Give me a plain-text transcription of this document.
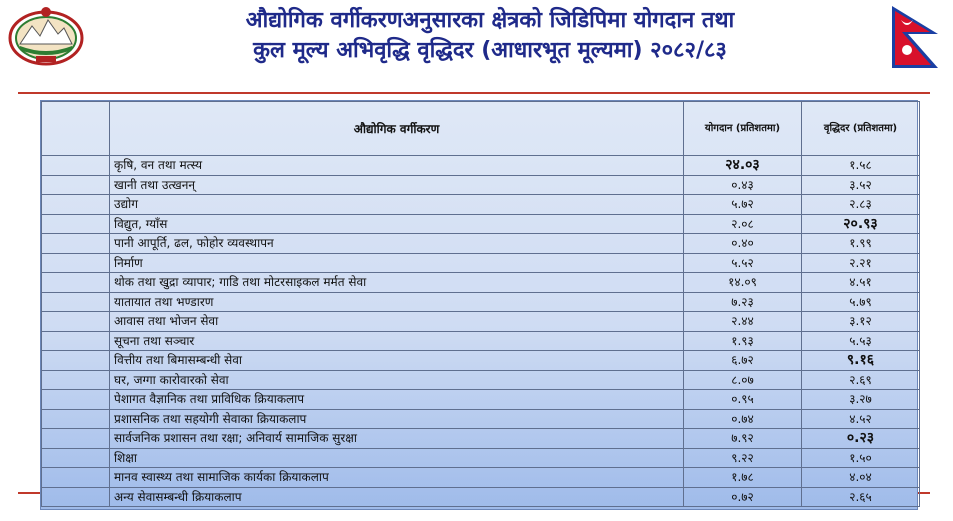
औद्योगिक वर्गीकरणअनुसारका क्षेत्रको जिडिपिमा योगदान तथा
कुल मूल्य अभिवृद्धि वृद्धिदर (आधारभूत मूल्यमा) २०८२/८३
	औद्योगिक वर्गीकरण	योगदान (प्रतिशतमा)	वृद्धिदर (प्रतिशतमा)
	कृषि, वन तथा मत्स्य	२४.०३	१.५८
	खानी तथा उत्खनन्	०.४३	३.५२
	उद्योग	५.७२	२.८३
	विद्युत, ग्याँस	२.०८	२०.९३
	पानी आपूर्ति, ढल, फोहोर व्यवस्थापन	०.४०	१.९९
	निर्माण	५.५२	२.२१
	थोक तथा खुद्रा व्यापार; गाडि तथा मोटरसाइकल मर्मत सेवा	१४.०९	४.५१
	यातायात तथा भण्डारण	७.२३	५.७९
	आवास तथा भोजन सेवा	२.४४	३.१२
	सूचना तथा सञ्चार	१.९३	५.५३
	वित्तीय तथा बिमासम्बन्धी सेवा	६.७२	९.१६
	घर, जग्गा कारोवारको सेवा	८.०७	२.६९
	पेशागत वैज्ञानिक तथा प्राविधिक क्रियाकलाप	०.९५	३.२७
	प्रशासनिक तथा सहयोगी सेवाका क्रियाकलाप	०.७४	४.५२
	सार्वजनिक प्रशासन तथा रक्षा; अनिवार्य सामाजिक सुरक्षा	७.९२	०.२३
	शिक्षा	९.२२	१.५०
	मानव स्वास्थ्य तथा सामाजिक कार्यका क्रियाकलाप	१.७८	४.०४
	अन्य सेवासम्बन्धी क्रियाकलाप	०.७२	२.६५
